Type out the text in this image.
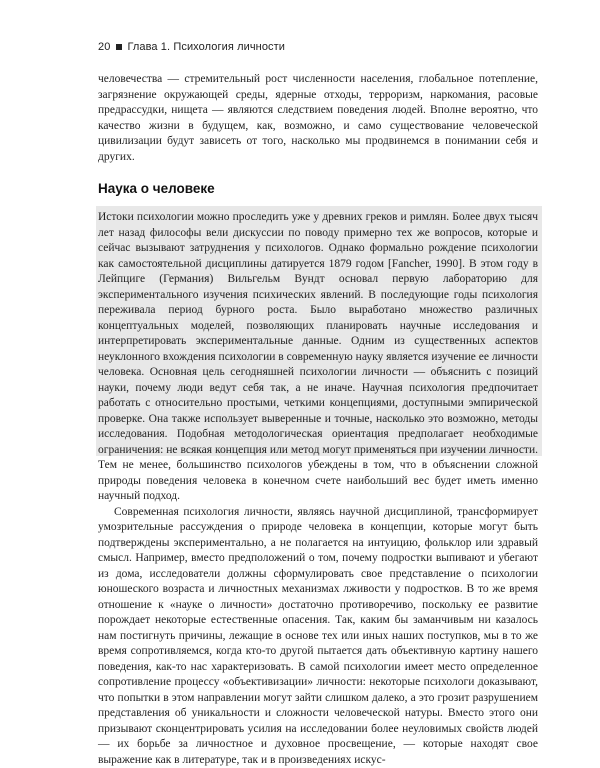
20 Глава 1. Психология личности

человечества — стремительный рост численности населения, глобальное потепление, загрязнение окружающей среды, ядерные отходы, терроризм, наркомания, расовые предрассудки, нищета — являются следствием поведения людей. Вполне вероятно, что качество жизни в будущем, как, возможно, и само существование человеческой цивилизации будут зависеть от того, насколько мы продвинемся в понимании себя и других.

Наука о человеке

Истоки психологии можно проследить уже у древних греков и римлян. Более двух тысяч лет назад философы вели дискуссии по поводу примерно тех же вопросов, которые и сейчас вызывают затруднения у психологов. Однако формально рождение психологии как самостоятельной дисциплины датируется 1879 годом [Fancher, 1990]. В этом году в Лейпциге (Германия) Вильгельм Вундт основал первую лабораторию для экспериментального изучения психических явлений. В последующие годы психология переживала период бурного роста. Было выработано множество различных концептуальных моделей, позволяющих планировать научные исследования и интерпретировать экспериментальные данные. Одним из существенных аспектов неуклонного вхождения психологии в современную науку является изучение ее личности человека. Основная цель сегодняшней психологии личности — объяснить с позиций науки, почему люди ведут себя так, а не иначе. Научная психология предпочитает работать с относительно простыми, четкими концепциями, доступными эмпирической проверке. Она также использует выверенные и точные, насколько это возможно, методы исследования. Подобная методологическая ориентация предполагает необходимые ограничения: не всякая концепция или метод могут применяться при изучении личности. Тем не менее, большинство психологов убеждены в том, что в объяснении сложной природы поведения человека в конечном счете наибольший вес будет иметь именно научный подход.

Современная психология личности, являясь научной дисциплиной, трансформирует умозрительные рассуждения о природе человека в концепции, которые могут быть подтверждены экспериментально, а не полагается на интуицию, фольклор или здравый смысл. Например, вместо предположений о том, почему подростки выпивают и убегают из дома, исследователи должны сформулировать свое представление о психологии юношеского возраста и личностных механизмах лживости у подростков. В то же время отношение к «науке о личности» достаточно противоречиво, поскольку ее развитие порождает некоторые естественные опасения. Так, каким бы заманчивым ни казалось нам постигнуть причины, лежащие в основе тех или иных наших поступков, мы в то же время сопротивляемся, когда кто-то другой пытается дать объективную картину нашего поведения, как-то нас характеризовать. В самой психологии имеет место определенное сопротивление процессу «объективизации» личности: некоторые психологи доказывают, что попытки в этом направлении могут зайти слишком далеко, а это грозит разрушением представления об уникальности и сложности человеческой натуры. Вместо этого они призывают сконцентрировать усилия на исследовании более неуловимых свойств людей — их борьбе за личностное и духовное просвещение, — которые находят свое выражение как в литературе, так и в произведениях искус-
